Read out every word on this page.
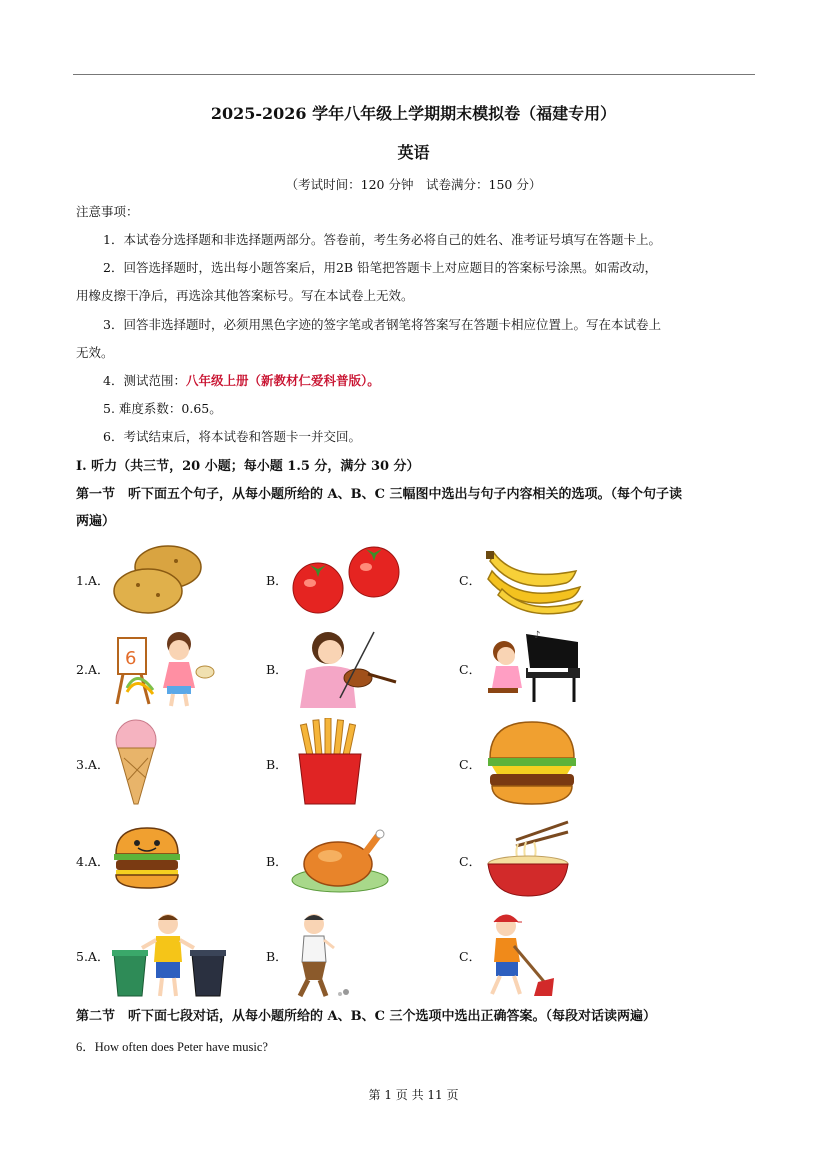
2025-2026 学年八年级上学期期末模拟卷（福建专用）
英语
（考试时间：120 分钟　试卷满分：150 分）
注意事项：
1．本试卷分选择题和非选择题两部分。答卷前，考生务必将自己的姓名、准考证号填写在答题卡上。
2．回答选择题时，选出每小题答案后，用2B 铅笔把答题卡上对应题目的答案标号涂黑。如需改动，
用橡皮擦干净后，再选涂其他答案标号。写在本试卷上无效。
3．回答非选择题时，必须用黑色字迹的签字笔或者钢笔将答案写在答题卡相应位置上。写在本试卷上
无效。
4．测试范围：八年级上册（新教材仁爱科普版）。
5. 难度系数：0.65。
6．考试结束后，将本试卷和答题卡一并交回。
I. 听力（共三节，20 小题；每小题 1.5 分，满分 30 分）
第一节　听下面五个句子，从每小题所给的 A、B、C 三幅图中选出与句子内容相关的选项。（每个句子读
两遍）
1.A．	B．	C．
2.A．	B．	C．
6
♪
3.A．	B．	C．
4.A．	B．	C．
5.A．	B．	C．
第二节　听下面七段对话，从每小题所给的 A、B、C 三个选项中选出正确答案。（每段对话读两遍）
6．How often does Peter have music?
第 1 页 共 11 页
